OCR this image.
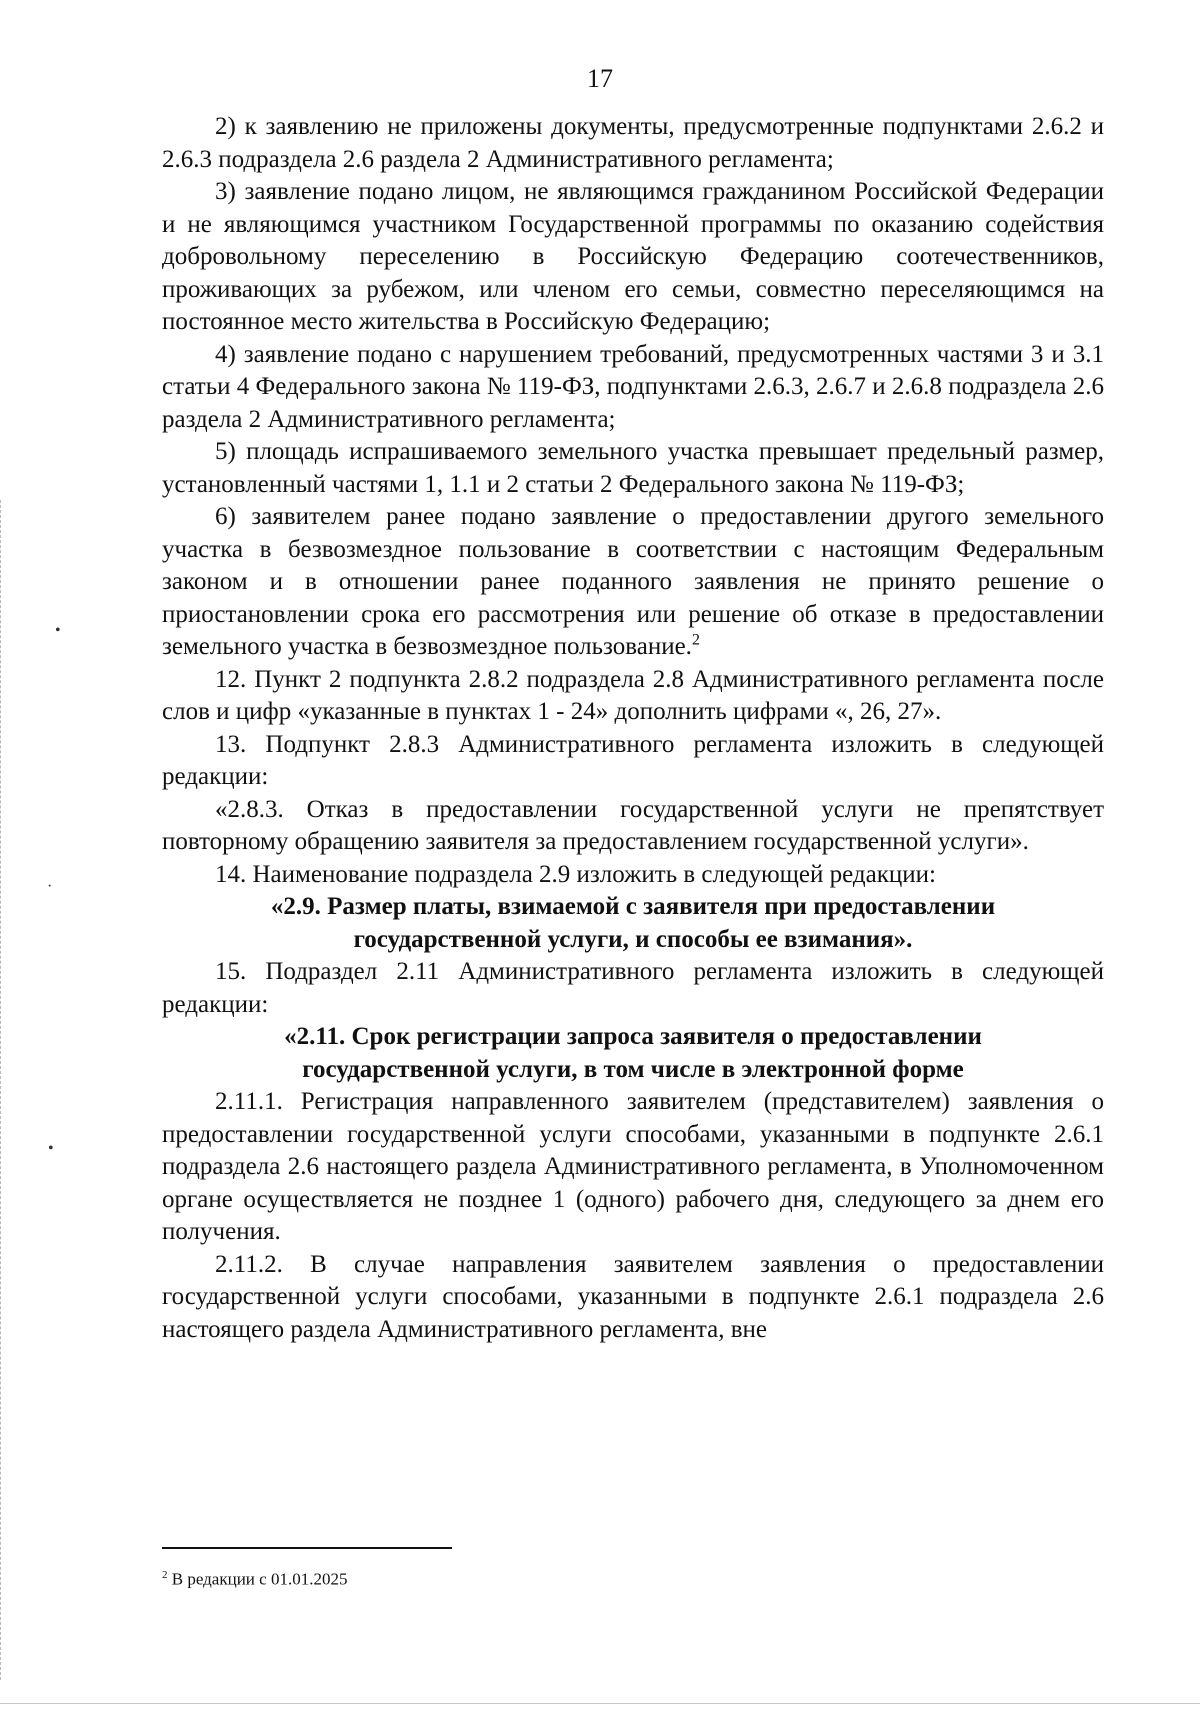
•
·
•
17

2) к заявлению не приложены документы, предусмотренные подпунктами 2.6.2 и 2.6.3 подраздела 2.6 раздела 2 Административного регламента;

3) заявление подано лицом, не являющимся гражданином Российской Федерации и не являющимся участником Государственной программы по оказанию содействия добровольному переселению в Российскую Федерацию соотечественников, проживающих за рубежом, или членом его семьи, совместно переселяющимся на постоянное место жительства в Российскую Федерацию;

4) заявление подано с нарушением требований, предусмотренных частями 3 и 3.1 статьи 4 Федерального закона № 119-ФЗ, подпунктами 2.6.3, 2.6.7 и 2.6.8 подраздела 2.6 раздела 2 Административного регламента;

5) площадь испрашиваемого земельного участка превышает предельный размер, установленный частями 1, 1.1 и 2 статьи 2 Федерального закона № 119-ФЗ;

6) заявителем ранее подано заявление о предоставлении другого земельного участка в безвозмездное пользование в соответствии с настоящим Федеральным законом и в отношении ранее поданного заявления не принято решение о приостановлении срока его рассмотрения или решение об отказе в предоставлении земельного участка в безвозмездное пользование.$^2$

12. Пункт 2 подпункта 2.8.2 подраздела 2.8 Административного регламента после слов и цифр «указанные в пунктах 1 - 24» дополнить цифрами «, 26, 27».

13. Подпункт 2.8.3 Административного регламента изложить в следующей редакции:

«2.8.3. Отказ в предоставлении государственной услуги не препятствует повторному обращению заявителя за предоставлением государственной услуги».

14. Наименование подраздела 2.9 изложить в следующей редакции:

«2.9. Размер платы, взимаемой с заявителя при предоставлении государственной услуги, и способы ее взимания».

15. Подраздел 2.11 Административного регламента изложить в следующей редакции:

«2.11. Срок регистрации запроса заявителя о предоставлении государственной услуги, в том числе в электронной форме

2.11.1. Регистрация направленного заявителем (представителем) заявления о предоставлении государственной услуги способами, указанными в подпункте 2.6.1 подраздела 2.6 настоящего раздела Административного регламента, в Уполномоченном органе осуществляется не позднее 1 (одного) рабочего дня, следующего за днем его получения.

2.11.2. В случае направления заявителем заявления о предоставлении государственной услуги способами, указанными в подпункте 2.6.1 подраздела 2.6 настоящего раздела Административного регламента, вне

$^2$ В редакции с 01.01.2025
